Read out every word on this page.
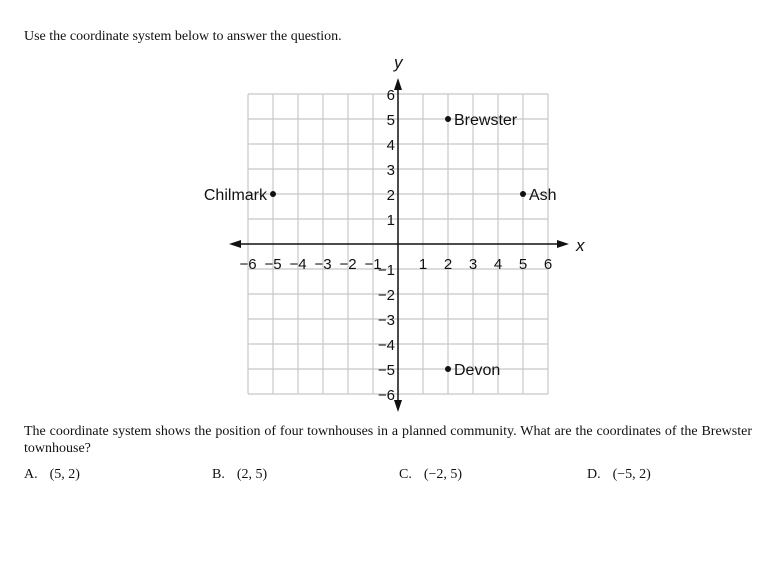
Use the coordinate system below to answer the question.
x
y
−6 −5 −4 −3 −2 −1 1 2 3 4 5 6
6
5
4
3
2
1
−1
−2
−3
−4
−5
−6
Brewster
Ash
Chilmark
Devon
The coordinate system shows the position of four townhouses in a planned community. What are the coordinates of the Brewster townhouse?
A. (5, 2)	B. (2, 5)	C. (−2, 5)	D. (−5, 2)
